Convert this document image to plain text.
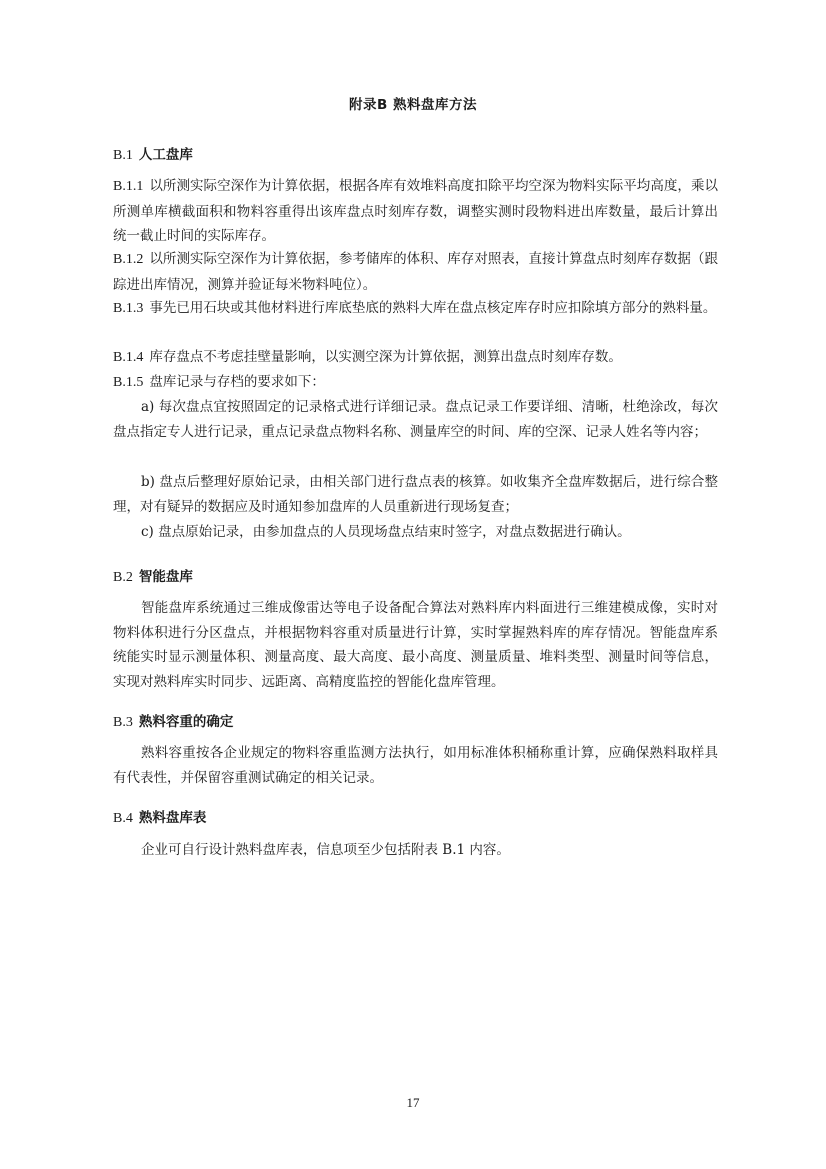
附录B 熟料盘库方法
B.1 人工盘库
B.1.1 以所测实际空深作为计算依据，根据各库有效堆料高度扣除平均空深为物料实际平均高度，乘以所测单库横截面积和物料容重得出该库盘点时刻库存数，调整实测时段物料进出库数量，最后计算出统一截止时间的实际库存。
B.1.2 以所测实际空深作为计算依据，参考储库的体积、库存对照表，直接计算盘点时刻库存数据（跟踪进出库情况，测算并验证每米物料吨位）。
B.1.3 事先已用石块或其他材料进行库底垫底的熟料大库在盘点核定库存时应扣除填方部分的熟料量。
B.1.4 库存盘点不考虑挂壁量影响，以实测空深为计算依据，测算出盘点时刻库存数。
B.1.5 盘库记录与存档的要求如下：
a) 每次盘点宜按照固定的记录格式进行详细记录。盘点记录工作要详细、清晰，杜绝涂改，每次盘点指定专人进行记录，重点记录盘点物料名称、测量库空的时间、库的空深、记录人姓名等内容；
b) 盘点后整理好原始记录，由相关部门进行盘点表的核算。如收集齐全盘库数据后，进行综合整理，对有疑异的数据应及时通知参加盘库的人员重新进行现场复查；
c) 盘点原始记录，由参加盘点的人员现场盘点结束时签字，对盘点数据进行确认。
B.2 智能盘库
智能盘库系统通过三维成像雷达等电子设备配合算法对熟料库内料面进行三维建模成像，实时对物料体积进行分区盘点，并根据物料容重对质量进行计算，实时掌握熟料库的库存情况。智能盘库系统能实时显示测量体积、测量高度、最大高度、最小高度、测量质量、堆料类型、测量时间等信息，实现对熟料库实时同步、远距离、高精度监控的智能化盘库管理。
B.3 熟料容重的确定
熟料容重按各企业规定的物料容重监测方法执行，如用标准体积桶称重计算，应确保熟料取样具有代表性，并保留容重测试确定的相关记录。
B.4 熟料盘库表
企业可自行设计熟料盘库表，信息项至少包括附表 B.1 内容。
17
